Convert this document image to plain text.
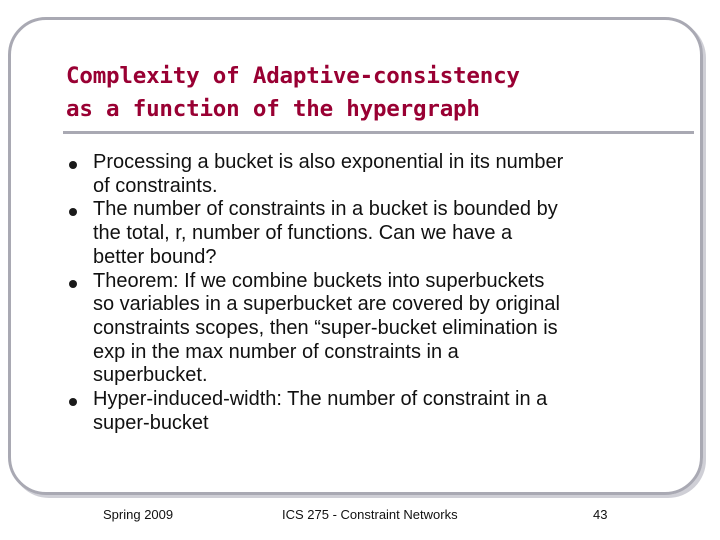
Complexity of Adaptive-consistency
as a function of the hypergraph
Processing a bucket is also exponential in its number
of constraints.
The number of constraints in a bucket is bounded by
the total, r, number of functions. Can we have a
better bound?
Theorem: If we combine buckets into superbuckets
so variables in a superbucket are covered by original
constraints scopes, then “super-bucket elimination is
exp in the max number of constraints in a
superbucket.
Hyper-induced-width: The number of constraint in a
super-bucket
Spring 2009	ICS 275 - Constraint Networks	43
